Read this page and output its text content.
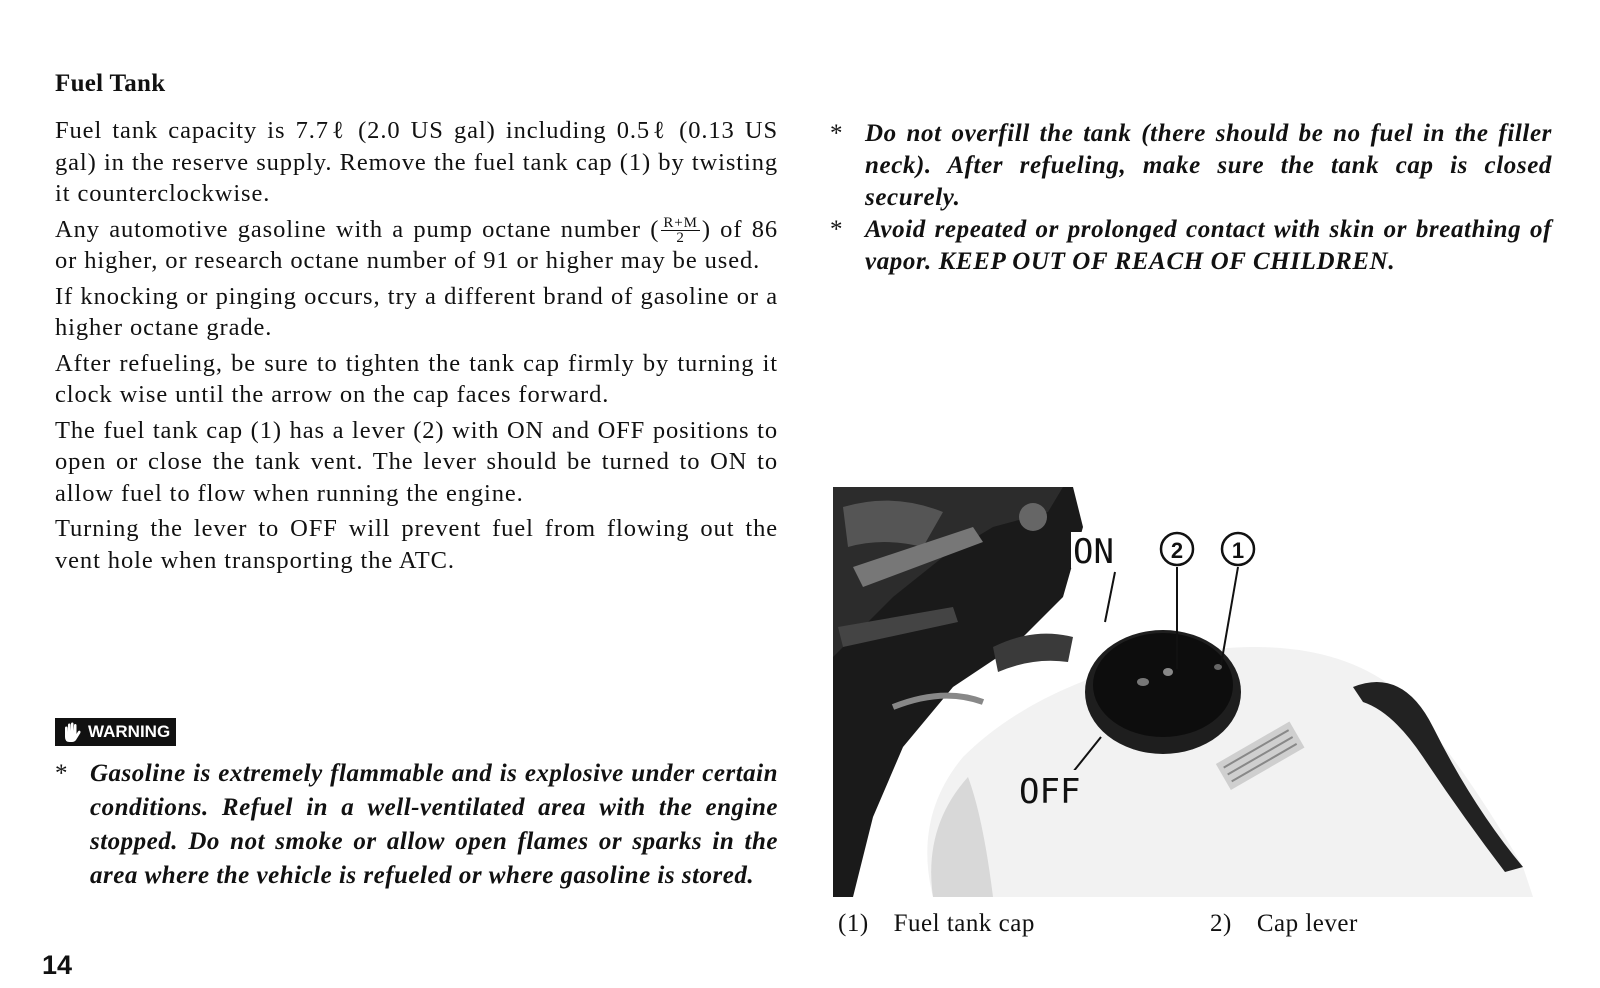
Fuel Tank

Fuel tank capacity is 7.7ℓ (2.0 US gal) including 0.5ℓ (0.13 US gal) in the reserve supply. Remove the fuel tank cap (1) by twisting it counterclockwise.

Any automotive gasoline with a pump octane number ( $\frac{R+M}{2}$ ) of 86 or higher, or research octane number of 91 or higher may be used.

If knocking or pinging occurs, try a different brand of gasoline or a higher octane grade.

After refueling, be sure to tighten the tank cap firmly by turning it clock wise until the arrow on the cap faces forward.

The fuel tank cap (1) has a lever (2) with ON and OFF positions to open or close the tank vent. The lever should be turned to ON to allow fuel to flow when running the engine.

Turning the lever to OFF will prevent fuel from flowing out the vent hole when transporting the ATC.

WARNING
* Gasoline is extremely flammable and is explosive under certain conditions. Refuel in a well-ventilated area with the engine stopped. Do not smoke or allow open flames or sparks in the area where the vehicle is refueled or where gasoline is stored.
* Do not overfill the tank (there should be no fuel in the filler neck). After refueling, make sure the tank cap is closed securely.
* Avoid repeated or prolonged contact with skin or breathing of vapor. KEEP OUT OF REACH OF CHILDREN.
2 1
ON
OFF
(1) Fuel tank cap	2) Cap lever
14
